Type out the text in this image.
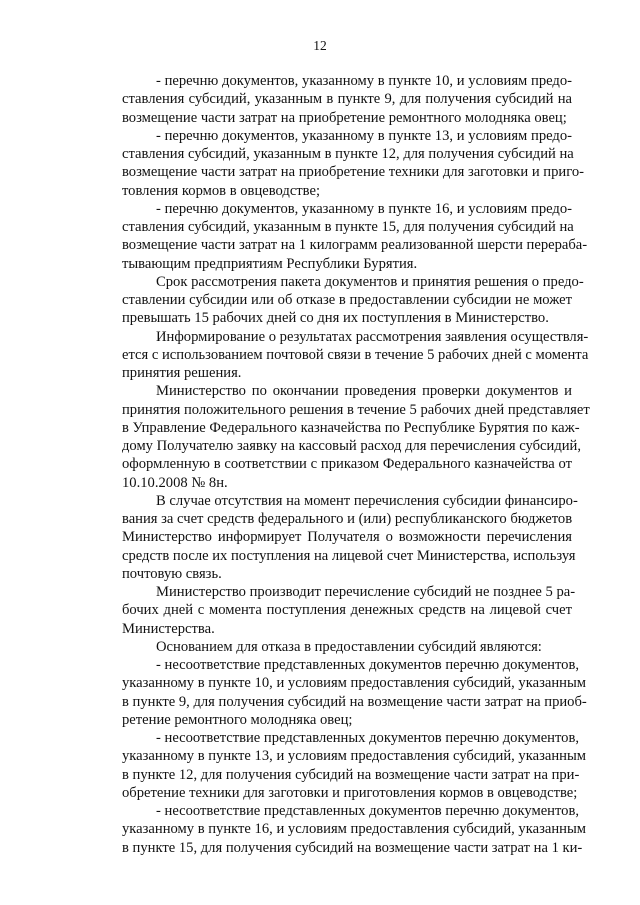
12

- перечню документов, указанному в пункте 10, и условиям предо-
ставления субсидий, указанным в пункте 9, для получения субсидий на
возмещение части затрат на приобретение ремонтного молодняка овец;

- перечню документов, указанному в пункте 13, и условиям предо-
ставления субсидий, указанным в пункте 12, для получения субсидий на
возмещение части затрат на приобретение техники для заготовки и приго-
товления кормов в овцеводстве;

- перечню документов, указанному в пункте 16, и условиям предо-
ставления субсидий, указанным в пункте 15, для получения субсидий на
возмещение части затрат на 1 килограмм реализованной шерсти перераба-
тывающим предприятиям Республики Бурятия.

Срок рассмотрения пакета документов и принятия решения о предо-
ставлении субсидии или об отказе в предоставлении субсидии не может
превышать 15 рабочих дней со дня их поступления в Министерство.

Информирование о результатах рассмотрения заявления осуществля-
ется с использованием почтовой связи в течение 5 рабочих дней с момента
принятия решения.

Министерство по окончании проведения проверки документов и
принятия положительного решения в течение 5 рабочих дней представляет
в Управление Федерального казначейства по Республике Бурятия по каж-
дому Получателю заявку на кассовый расход для перечисления субсидий,
оформленную в соответствии с приказом Федерального казначейства от
10.10.2008 № 8н.

В случае отсутствия на момент перечисления субсидии финансиро-
вания за счет средств федерального и (или) республиканского бюджетов
Министерство информирует Получателя о возможности перечисления
средств после их поступления на лицевой счет Министерства, используя
почтовую связь.

Министерство производит перечисление субсидий не позднее 5 ра-
бочих дней с момента поступления денежных средств на лицевой счет
Министерства.

Основанием для отказа в предоставлении субсидий являются:

- несоответствие представленных документов перечню документов,
указанному в пункте 10, и условиям предоставления субсидий, указанным
в пункте 9, для получения субсидий на возмещение части затрат на приоб-
ретение ремонтного молодняка овец;

- несоответствие представленных документов перечню документов,
указанному в пункте 13, и условиям предоставления субсидий, указанным
в пункте 12, для получения субсидий на возмещение части затрат на при-
обретение техники для заготовки и приготовления кормов в овцеводстве;

- несоответствие представленных документов перечню документов,
указанному в пункте 16, и условиям предоставления субсидий, указанным
в пункте 15, для получения субсидий на возмещение части затрат на 1 ки-
